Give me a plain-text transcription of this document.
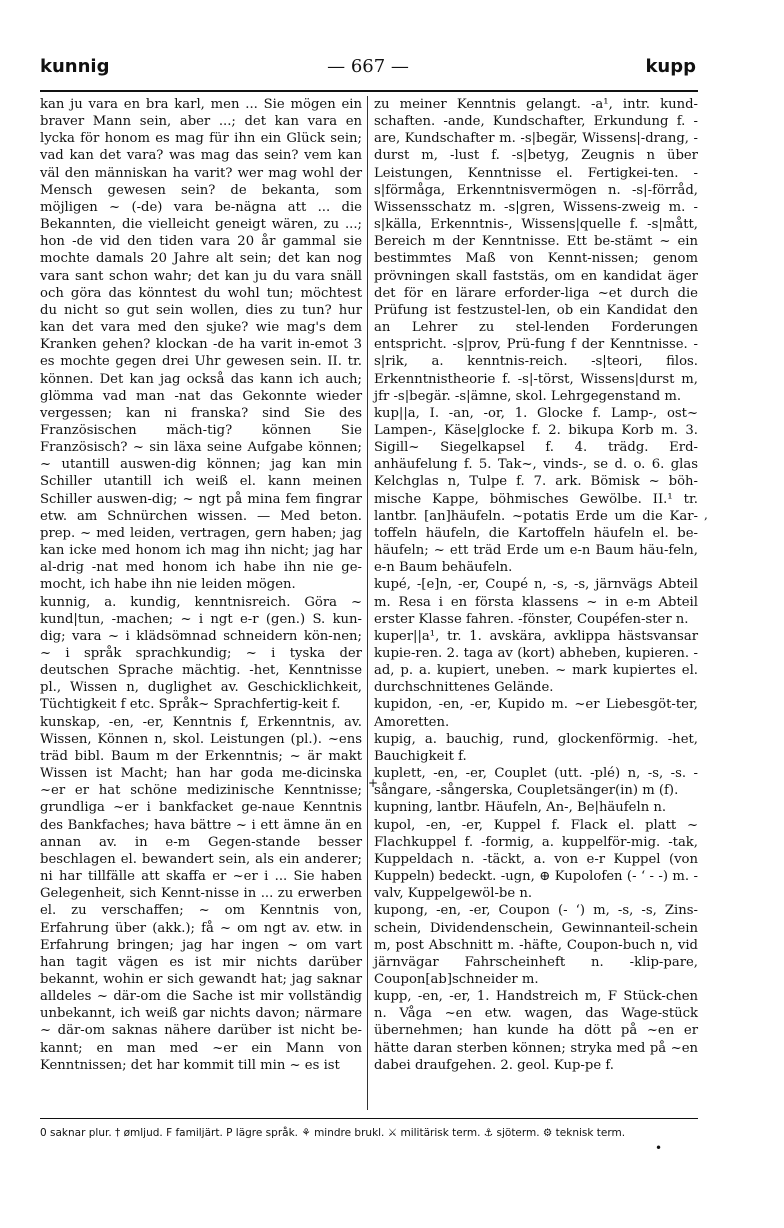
kunnig	— 667 —	kupp

kan ju vara en bra karl, men ... Sie mögen ein braver Mann sein, aber ...; det kan vara en lycka för honom es mag für ihn ein Glück sein; vad kan det vara? was mag das sein? vem kan väl den människan ha varit? wer mag wohl der Mensch gewesen sein? de bekanta, som möjligen ~ (-de) vara be-nägna att ... die Bekannten, die vielleicht geneigt wären, zu ...; hon -de vid den tiden vara 20 år gammal sie mochte damals 20 Jahre alt sein; det kan nog vara sant schon wahr; det kan ju du vara snäll och göra das könntest du wohl tun; möchtest du nicht so gut sein wollen, dies zu tun? hur kan det vara med den sjuke? wie mag's dem Kranken gehen? klockan -de ha varit in-emot 3 es mochte gegen drei Uhr gewesen sein. II. tr. können. Det kan jag också das kann ich auch; glömma vad man -nat das Gekonnte wieder vergessen; kan ni franska? sind Sie des Französischen mäch-tig? können Sie Französisch? ~ sin läxa seine Aufgabe können; ~ utantill auswen-dig können; jag kan min Schiller utantill ich weiß el. kann meinen Schiller auswen-dig; ~ ngt på mina fem fingrar etw. am Schnürchen wissen. — Med beton. prep. ~ med leiden, vertragen, gern haben; jag kan icke med honom ich mag ihn nicht; jag har al-drig -nat med honom ich habe ihn nie ge-mocht, ich habe ihn nie leiden mögen.

kunnig, a. kundig, kenntnisreich. Göra ~ kund|tun, -machen; ~ i ngt e-r (gen.) S. kun-dig; vara ~ i klädsömnad schneidern kön-nen; ~ i språk sprachkundig; ~ i tyska der deutschen Sprache mächtig. -het, Kenntnisse pl., Wissen n, duglighet av. Geschicklichkeit, Tüchtigkeit f etc. Språk~ Sprachfertig-keit f.

kunskap, -en, -er, Kenntnis f, Erkenntnis, av. Wissen, Können n, skol. Leistungen (pl.). ~ens träd bibl. Baum m der Erkenntnis; ~ är makt Wissen ist Macht; han har goda me-dicinska ~er er hat schöne medizinische Kenntnisse; grundliga ~er i bankfacket ge-naue Kenntnis des Bankfaches; hava bättre ~ i ett ämne än en annan av. in e-m Gegen-stande besser beschlagen el. bewandert sein, als ein anderer; ni har tillfälle att skaffa er ~er i ... Sie haben Gelegenheit, sich Kennt-nisse in ... zu erwerben el. zu verschaffen; ~ om Kenntnis von, Erfahrung über (akk.); få ~ om ngt av. etw. in Erfahrung bringen; jag har ingen ~ om vart han tagit vägen es ist mir nichts darüber bekannt, wohin er sich gewandt hat; jag saknar alldeles ~ där-om die Sache ist mir vollständig unbekannt, ich weiß gar nichts davon; närmare ~ där-om saknas nähere darüber ist nicht be-kannt; en man med ~er ein Mann von Kenntnissen; det har kommit till min ~ es ist

zu meiner Kenntnis gelangt. -a¹, intr. kund-schaften. -ande, Kundschafter, Erkundung f. -are, Kundschafter m. -s|begär, Wissens|-drang, -durst m, -lust f. -s|betyg, Zeugnis n über Leistungen, Kenntnisse el. Fertigkei-ten. -s|förmåga, Erkenntnisvermögen n. -s|-förråd, Wissensschatz m. -s|gren, Wissens-zweig m. -s|källa, Erkenntnis-, Wissens|quelle f. -s|mått, Bereich m der Kenntnisse. Ett be-stämt ~ ein bestimmtes Maß von Kennt-nissen; genom prövningen skall faststäs, om en kandidat äger det för en lärare erforder-liga ~et durch die Prüfung ist festzustel-len, ob ein Kandidat den an Lehrer zu stel-lenden Forderungen entspricht. -s|prov, Prü-fung f der Kenntnisse. -s|rik, a. kenntnis-reich. -s|teori, filos. Erkenntnistheorie f. -s|-törst, Wissens|durst m, jfr -s|begär. -s|ämne, skol. Lehrgegenstand m.

kup||a, I. -an, -or, 1. Glocke f. Lamp-, ost~ Lampen-, Käse|glocke f. 2. bikupa Korb m. 3. Sigill~ Siegelkapsel f. 4. trädg. Erd-anhäufelung f. 5. Tak~, vinds-, se d. o. 6. glas Kelchglas n, Tulpe f. 7. ark. Bömisk ~ böh-mische Kappe, böhmisches Gewölbe. II.¹ tr. lantbr. [an]häufeln. ~potatis Erde um die Kar-toffeln häufeln, die Kartoffeln häufeln el. be-häufeln; ~ ett träd Erde um e-n Baum häu-feln, e-n Baum behäufeln.

kupé, -[e]n, -er, Coupé n, -s, -s, järnvägs Abteil m. Resa i en första klassens ~ in e-m Abteil erster Klasse fahren. -fönster, Coupéfen-ster n.

kuper||a¹, tr. 1. avskära, avklippa hästsvansar kupie-ren. 2. taga av (kort) abheben, kupieren. -ad, p. a. kupiert, uneben. ~ mark kupiertes el. durchschnittenes Gelände.

kupidon, -en, -er, Kupido m. ~er Liebesgöt-ter, Amoretten.

kupig, a. bauchig, rund, glockenförmig. -het, Bauchigkeit f.

kuplett, -en, -er, Couplet (utt. -plé) n, -s, -s. -sångare, -sångerska, Coupletsänger(in) m (f).

kupning, lantbr. Häufeln, An-, Be|häufeln n.

kupol, -en, -er, Kuppel f. Flack el. platt ~ Flachkuppel f. -formig, a. kuppelför-mig. -tak, Kuppeldach n. -täckt, a. von e-r Kuppel (von Kuppeln) bedeckt. -ugn, ⊕ Kupolofen (- ‘ - -) m. -valv, Kuppelgewöl-be n.

kupong, -en, -er, Coupon (- ‘) m, -s, -s, Zins-schein, Dividendenschein, Gewinnanteil-schein m, post Abschnitt m. -häfte, Coupon-buch n, vid järnvägar Fahrscheinheft n. -klip-pare, Coupon[ab]schneider m.

kupp, -en, -er, 1. Handstreich m, F Stück-chen n. Våga ~en etw. wagen, das Wage-stück übernehmen; han kunde ha dött på ~en er hätte daran sterben können; stryka med på ~en dabei draufgehen. 2. geol. Kup-pe f.

+
,
0 saknar plur. † ømljud. F familjärt. P lägre språk. ⚘ mindre brukl. ⚔ militärisk term. ⚓ sjöterm. ⚙ teknisk term.
•
